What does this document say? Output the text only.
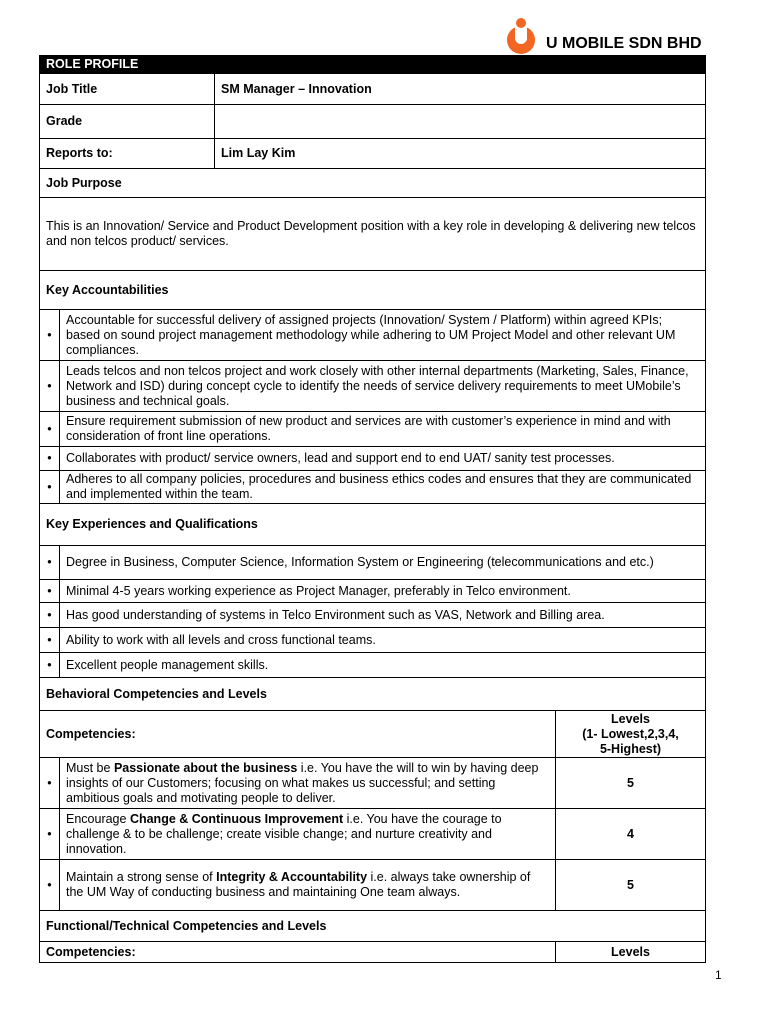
U MOBILE SDN BHD
ROLE PROFILE			
Job Title		SM Manager – Innovation	
Grade			
Reports to:		Lim Lay Kim	
Job Purpose			
This is an Innovation/ Service and Product Development position with a key role in developing & delivering new telcos and non telcos product/ services.			
Key Accountabilities			
•	Accountable for successful delivery of assigned projects (Innovation/ System / Platform) within agreed KPIs; based on sound project management methodology while adhering to UM Project Model and other relevant UM compliances.		
•	Leads telcos and non telcos project and work closely with other internal departments (Marketing, Sales, Finance, Network and ISD) during concept cycle to identify the needs of service delivery requirements to meet UMobile’s business and technical goals.		
•	Ensure requirement submission of new product and services are with customer’s experience in mind and with consideration of front line operations.		
•	Collaborates with product/ service owners, lead and support end to end UAT/ sanity test processes.		
•	Adheres to all company policies, procedures and business ethics codes and ensures that they are communicated and implemented within the team.		
Key Experiences and Qualifications			
•	Degree in Business, Computer Science, Information System or Engineering (telecommunications and etc.)		
•	Minimal 4-5 years working experience as Project Manager, preferably in Telco environment.		
•	Has good understanding of systems in Telco Environment such as VAS, Network and Billing area.		
•	Ability to work with all levels and cross functional teams.		
•	Excellent people management skills.		
Behavioral Competencies and Levels			
Competencies:			Levels
(1- Lowest,2,3,4,
5-Highest)

•	Must be Passionate about the business i.e. You have the will to win by having deep insights of our Customers; focusing on what makes us successful; and setting ambitious goals and motivating people to deliver.		5
•	Encourage Change & Continuous Improvement i.e. You have the courage to challenge & to be challenge; create visible change; and nurture creativity and innovation.		4
•	Maintain a strong sense of Integrity & Accountability i.e. always take ownership of the UM Way of conducting business and maintaining One team always.		5
Functional/Technical Competencies and Levels			
Competencies:			Levels
1
